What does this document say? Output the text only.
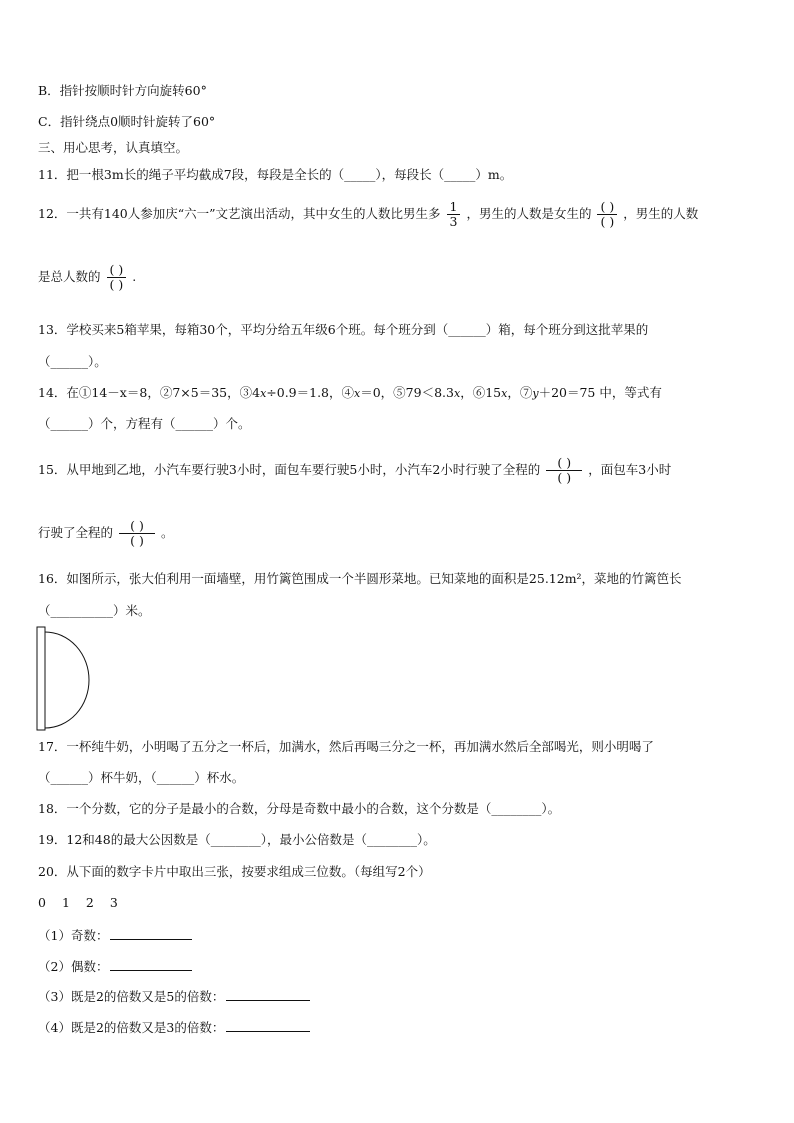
B．指针按顺时针方向旋转60°
C．指针绕点0顺时针旋转了60°
三、用心思考，认真填空。
11．把一根3m长的绳子平均截成7段，每段是全长的（_____），每段长（_____）m。
12．一共有140人参加庆“六一”文艺演出活动，其中女生的人数比男生多 $\frac{1}{3}$ ，男生的人数是女生的 $\frac{( )}{( )}$ ，男生的人数
是总人数的 $\frac{( )}{( )}$ .
13．学校买来5箱苹果，每箱30个，平均分给五年级6个班。每个班分到（______）箱，每个班分到这批苹果的
（______）。
14．在①14－x＝8，②7×5＝35，③4x÷0.9＝1.8，④x＝0，⑤79＜8.3x，⑥15x，⑦y＋20＝75 中，等式有
（______）个，方程有（______）个。
15．从甲地到乙地，小汽车要行驶3小时，面包车要行驶5小时，小汽车2小时行驶了全程的 $\frac{( )}{( )}$ ，面包车3小时
行驶了全程的 $\frac{( )}{( )}$ 。
16．如图所示，张大伯利用一面墙壁，用竹篱笆围成一个半圆形菜地。已知菜地的面积是25.12m²，菜地的竹篱笆长
（__________）米。
17．一杯纯牛奶，小明喝了五分之一杯后，加满水，然后再喝三分之一杯，再加满水然后全部喝光，则小明喝了
（______）杯牛奶，（______）杯水。
18．一个分数，它的分子是最小的合数，分母是奇数中最小的合数，这个分数是（________）。
19．12和48的最大公因数是（________），最小公倍数是（________）。
20．从下面的数字卡片中取出三张，按要求组成三位数。（每组写2个）
0 1 2 3
（1）奇数：
（2）偶数：
（3）既是2的倍数又是5的倍数：
（4）既是2的倍数又是3的倍数：
